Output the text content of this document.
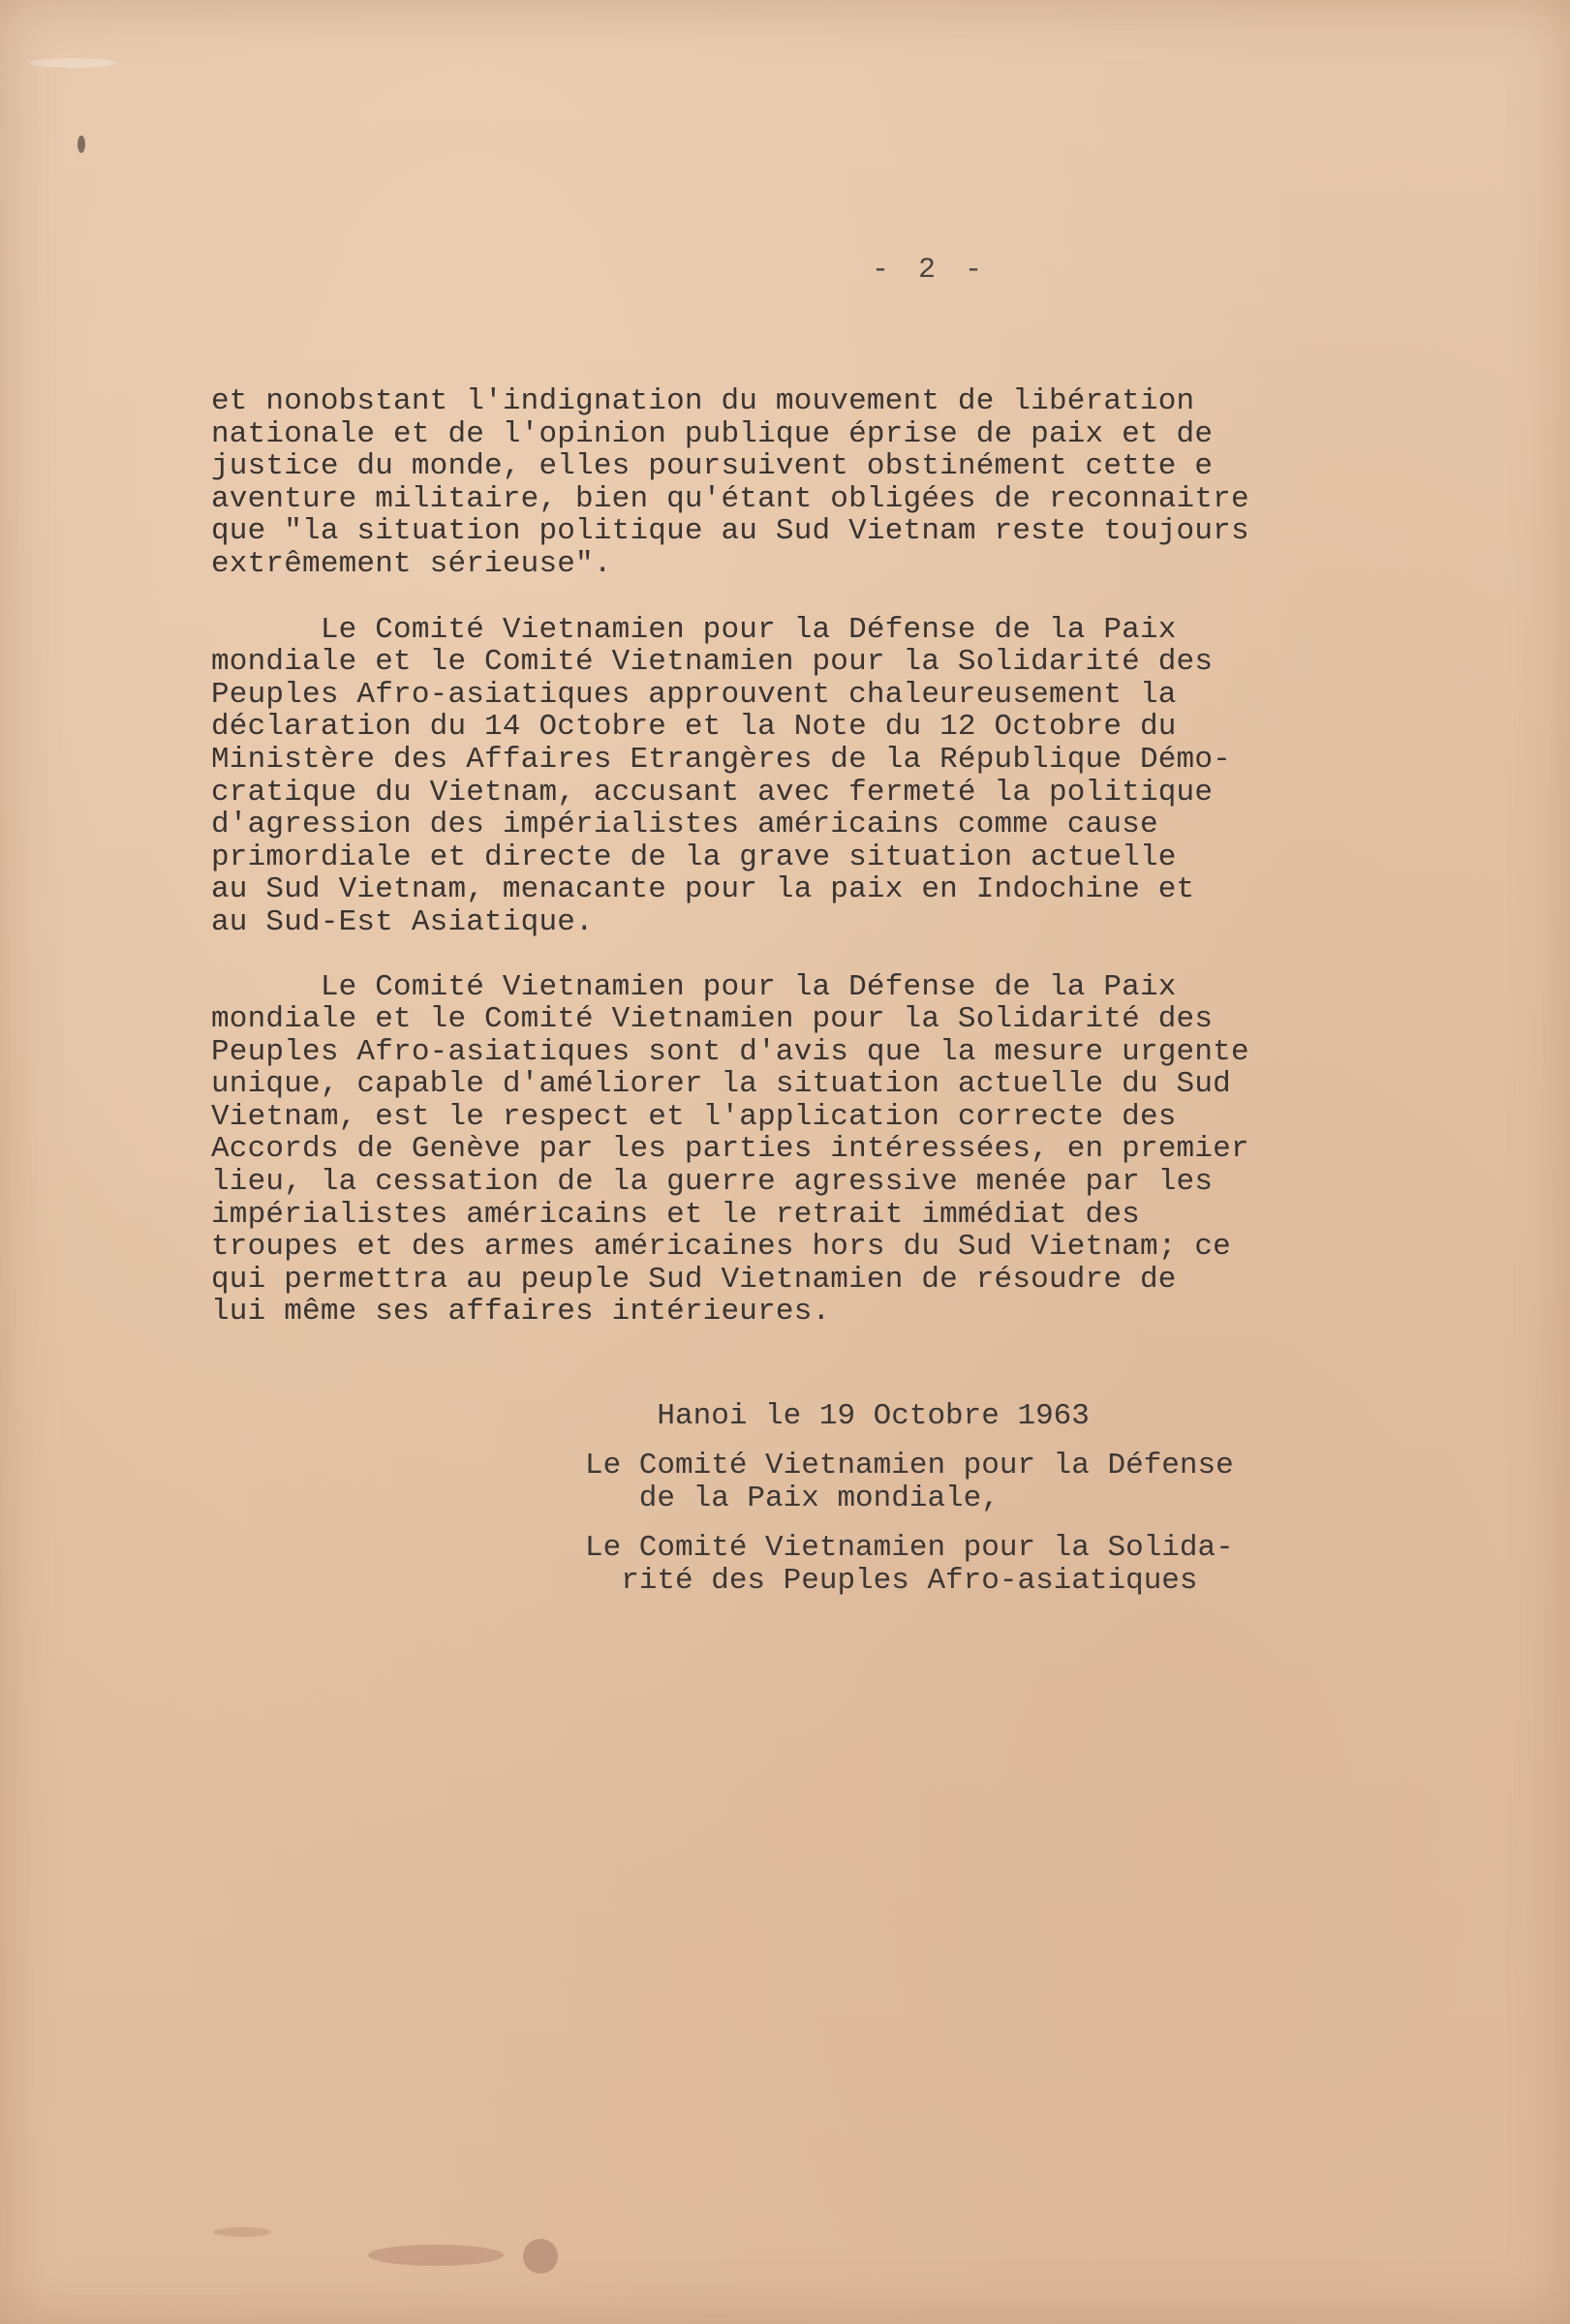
- 2 -

et nonobstant l'indignation du mouvement de libération

nationale et de l'opinion publique éprise de paix et de

justice du monde, elles poursuivent obstinément cette e

aventure militaire, bien qu'étant obligées de reconnaitre

que "la situation politique au Sud Vietnam reste toujours

extrêmement sérieuse".

Le Comité Vietnamien pour la Défense de la Paix

mondiale et le Comité Vietnamien pour la Solidarité des

Peuples Afro-asiatiques approuvent chaleureusement la

déclaration du 14 Octobre et la Note du 12 Octobre du

Ministère des Affaires Etrangères de la République Démo-

cratique du Vietnam, accusant avec fermeté la politique

d'agression des impérialistes américains comme cause

primordiale et directe de la grave situation actuelle

au Sud Vietnam, menacante pour la paix en Indochine et

au Sud-Est Asiatique.

Le Comité Vietnamien pour la Défense de la Paix

mondiale et le Comité Vietnamien pour la Solidarité des

Peuples Afro-asiatiques sont d'avis que la mesure urgente

unique, capable d'améliorer la situation actuelle du Sud

Vietnam, est le respect et l'application correcte des

Accords de Genève par les parties intéressées, en premier

lieu, la cessation de la guerre agressive menée par les

impérialistes américains et le retrait immédiat des

troupes et des armes américaines hors du Sud Vietnam; ce

qui permettra au peuple Sud Vietnamien de résoudre de

lui même ses affaires intérieures.

Hanoi le 19 Octobre 1963

Le Comité Vietnamien pour la Défense

de la Paix mondiale,

Le Comité Vietnamien pour la Solida-

rité des Peuples Afro-asiatiques
